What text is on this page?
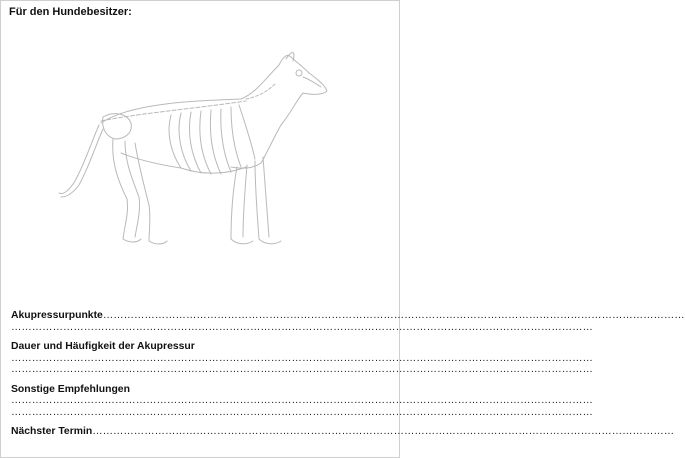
Für den Hundebesitzer:
Akupressurpunkte……………………………………………………………………………………………………………………………………………………
……………………………………………………………………………………………………………………………………………………
Dauer und Häufigkeit der Akupressur
……………………………………………………………………………………………………………………………………………………
……………………………………………………………………………………………………………………………………………………
Sonstige Empfehlungen
……………………………………………………………………………………………………………………………………………………
……………………………………………………………………………………………………………………………………………………
Nächster Termin……………………………………………………………………………………………………………………………………………………
